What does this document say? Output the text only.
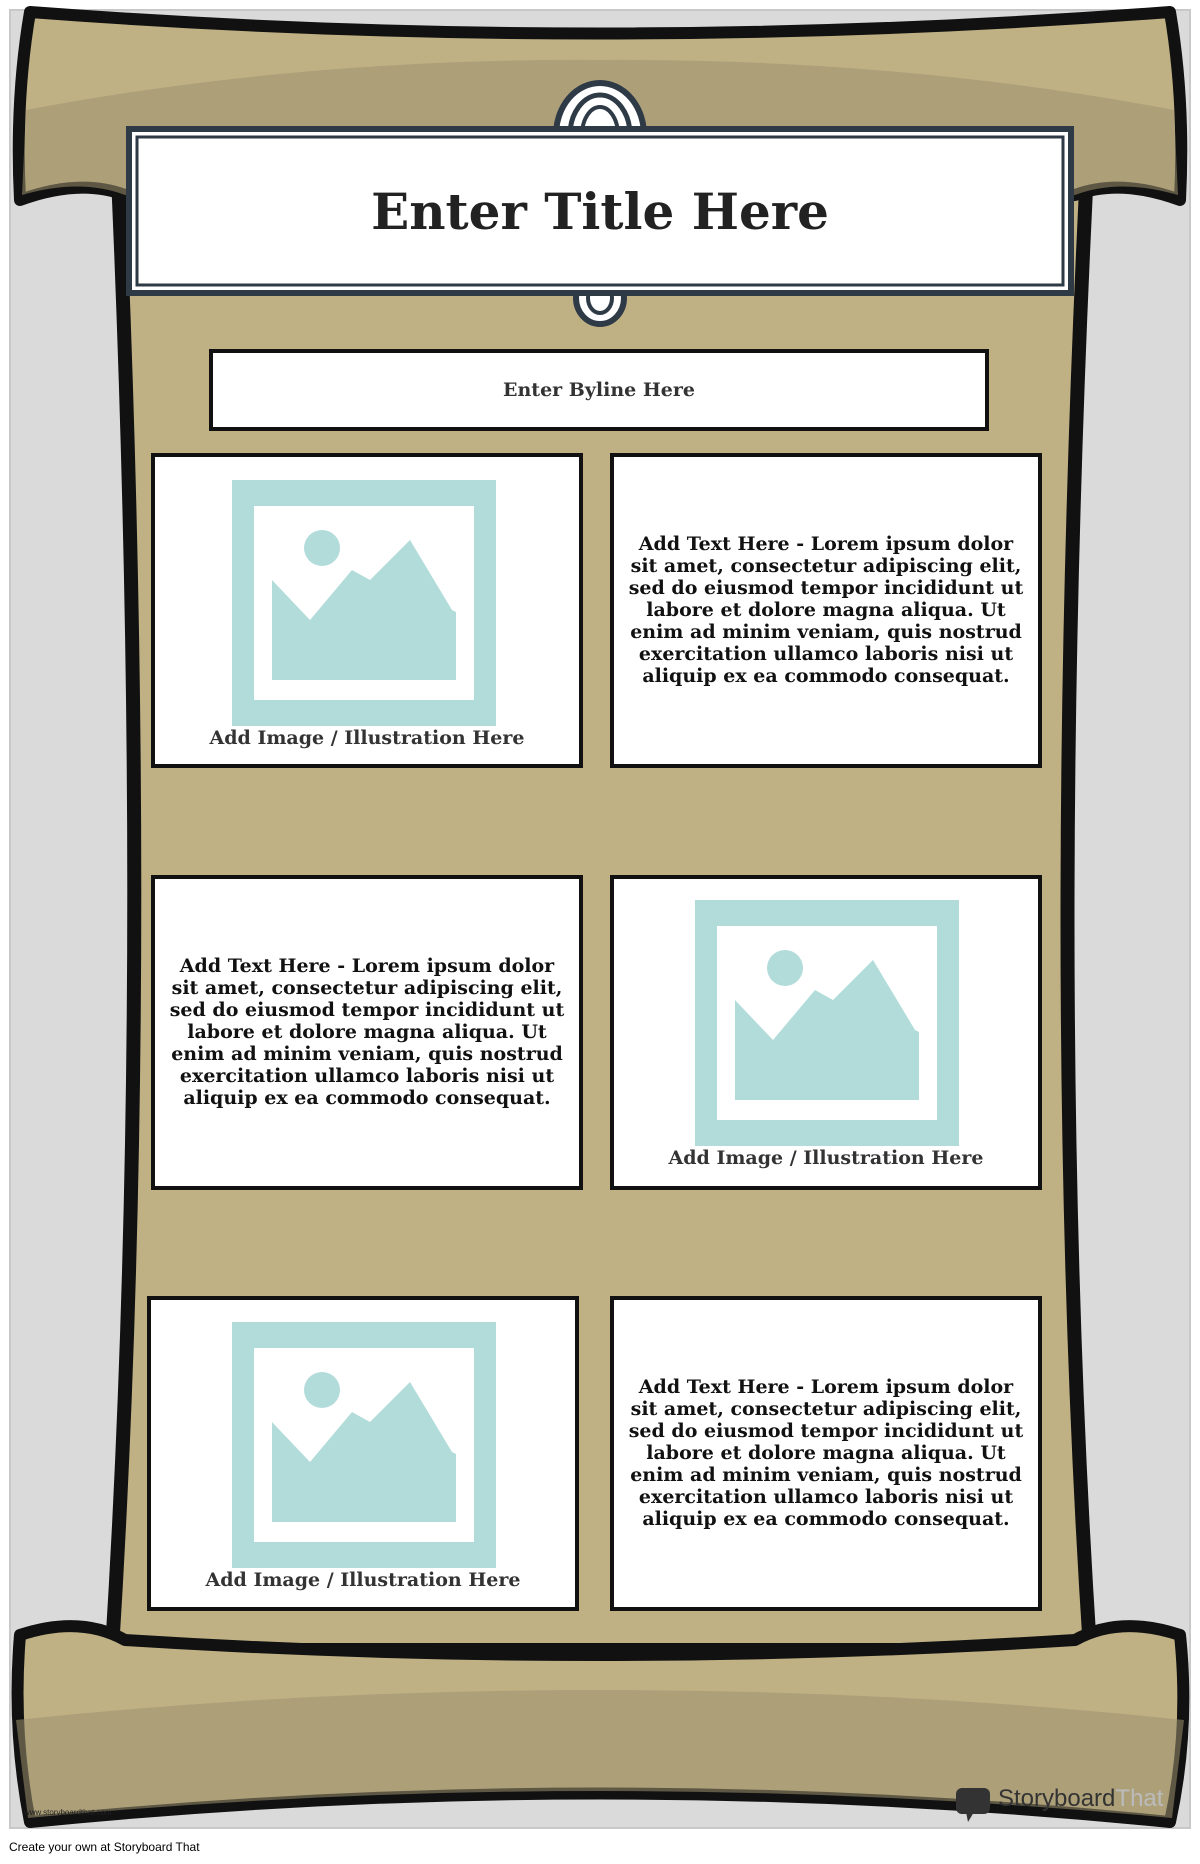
Enter Title Here
Enter Byline Here
Add Image / Illustration Here
Add Text Here - Lorem ipsum dolor sit amet, consectetur adipiscing elit, sed do eiusmod tempor incididunt ut labore et dolore magna aliqua. Ut enim ad minim veniam, quis nostrud exercitation ullamco laboris nisi ut aliquip ex ea commodo consequat.
Add Text Here - Lorem ipsum dolor sit amet, consectetur adipiscing elit, sed do eiusmod tempor incididunt ut labore et dolore magna aliqua. Ut enim ad minim veniam, quis nostrud exercitation ullamco laboris nisi ut aliquip ex ea commodo consequat.
Add Image / Illustration Here
Add Image / Illustration Here
Add Text Here - Lorem ipsum dolor sit amet, consectetur adipiscing elit, sed do eiusmod tempor incididunt ut labore et dolore magna aliqua. Ut enim ad minim veniam, quis nostrud exercitation ullamco laboris nisi ut aliquip ex ea commodo consequat.
www.storyboardthat.com
StoryboardThat
Create your own at Storyboard That
